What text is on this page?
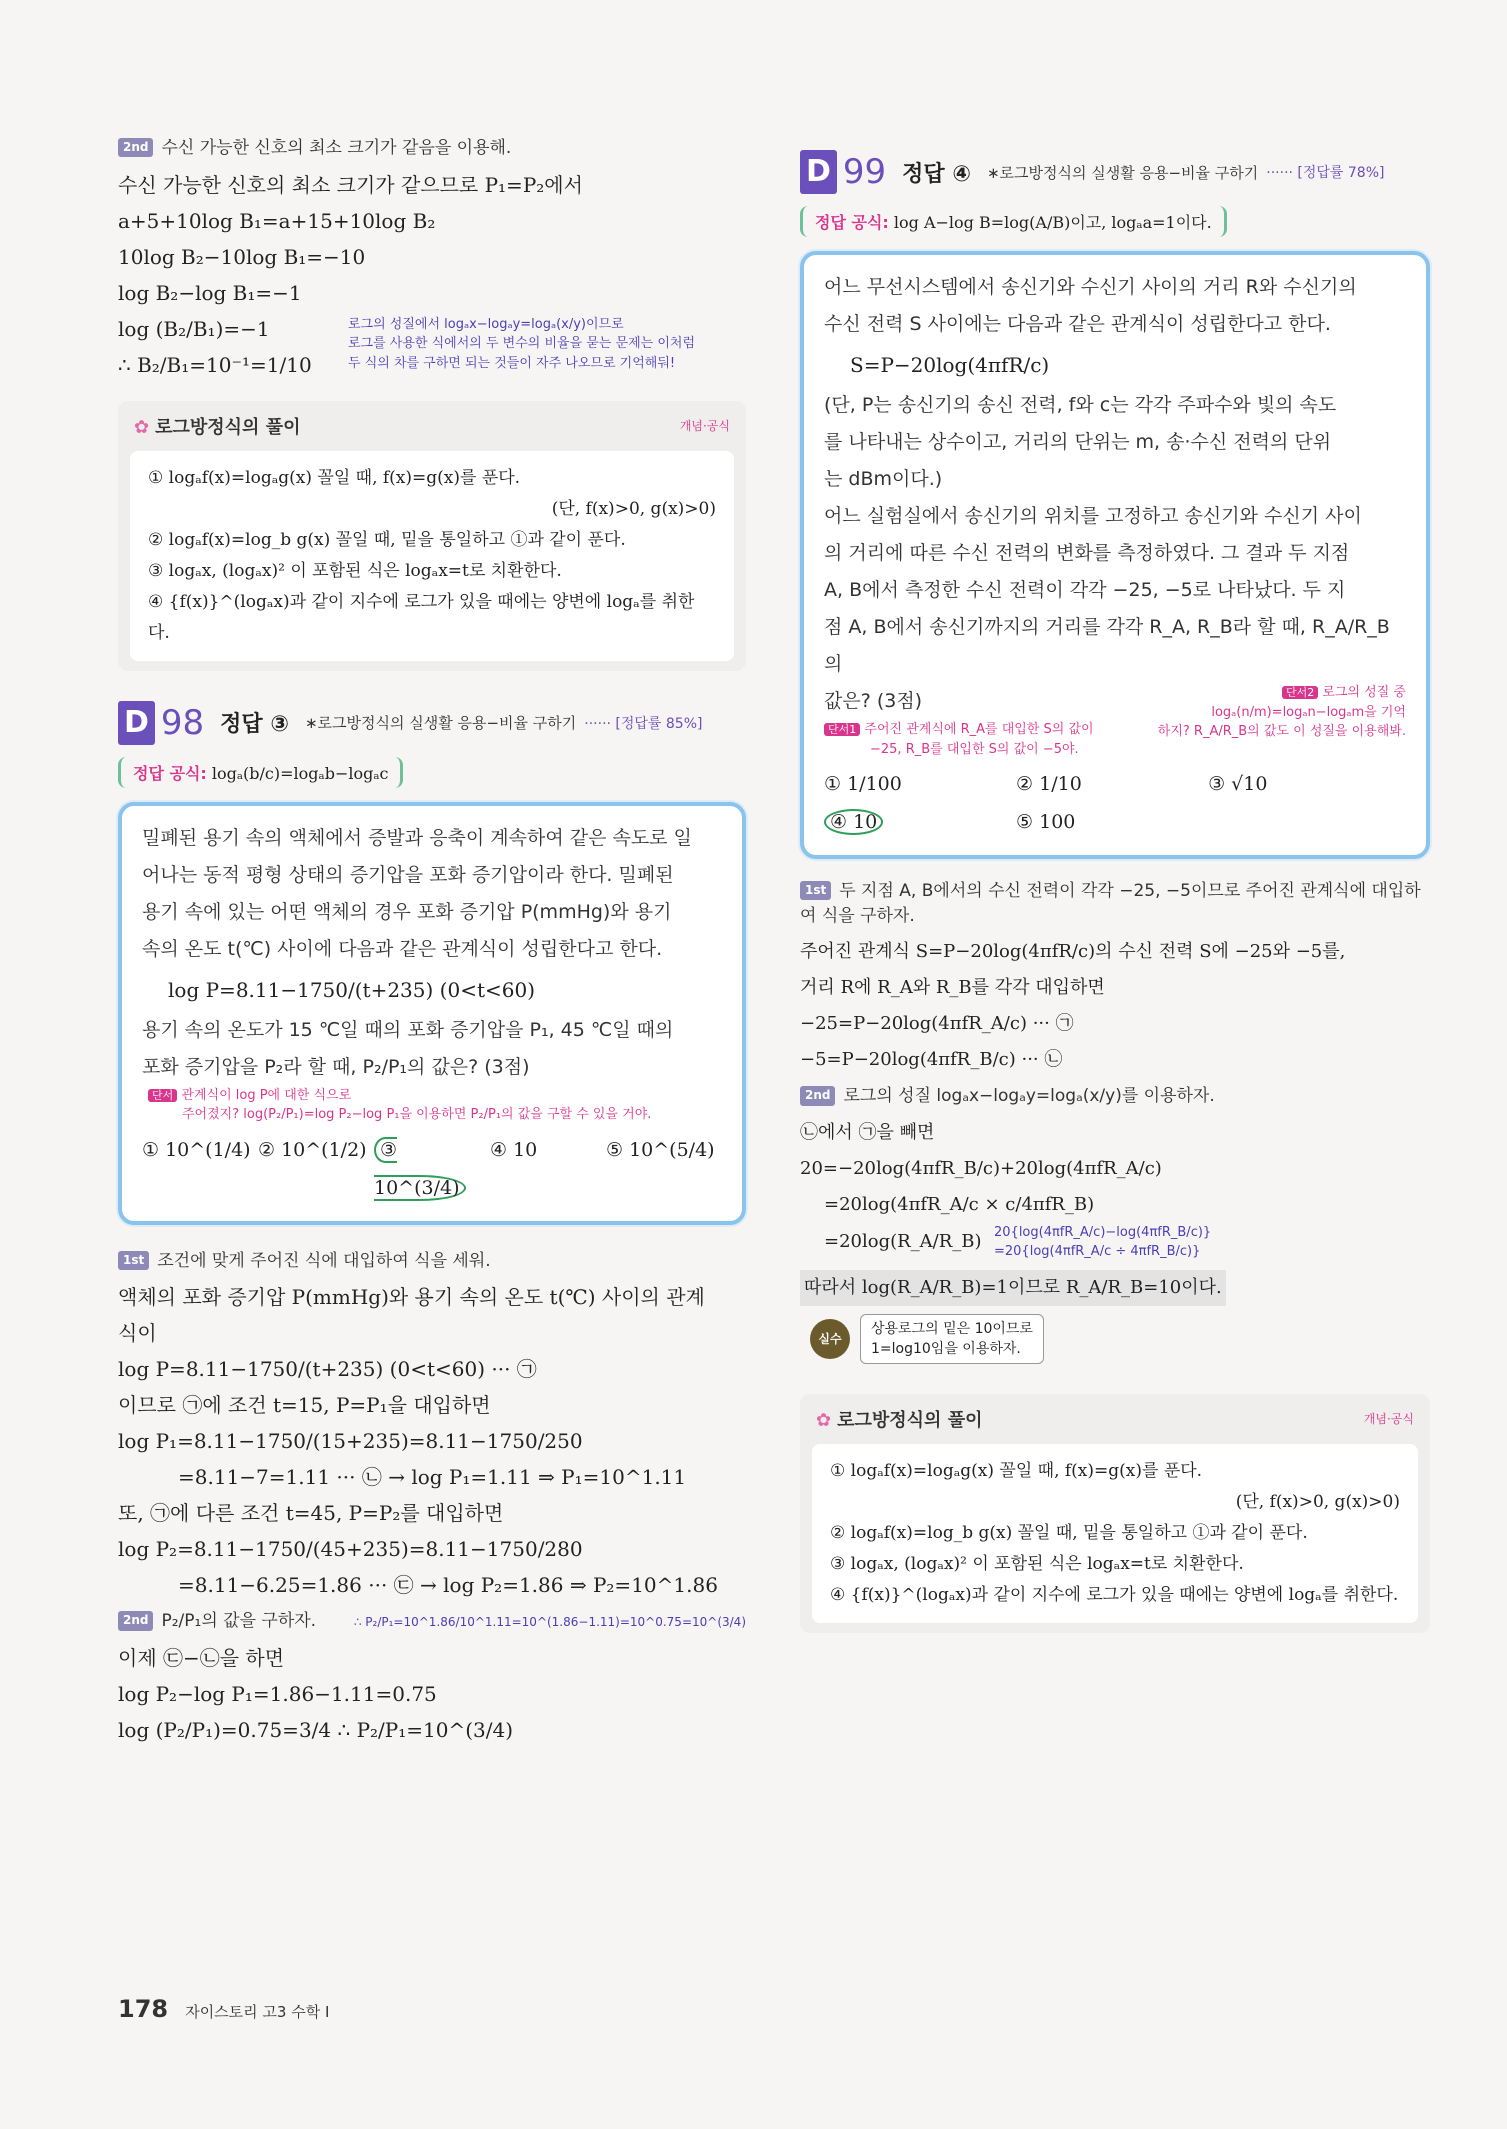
2nd 수신 가능한 신호의 최소 크기가 같음을 이용해.
수신 가능한 신호의 최소 크기가 같으므로 P₁=P₂에서
a+5+10log B₁=a+15+10log B₂
10log B₂−10log B₁=−10
log B₂−log B₁=−1
log (B₂/B₁)=−1
∴ B₂/B₁=10⁻¹=1/10
로그의 성질에서 logₐx−logₐy=logₐ(x/y)이므로
로그를 사용한 식에서의 두 변수의 비율을 묻는 문제는 이처럼
두 식의 차를 구하면 되는 것들이 자주 나오므로 기억해둬!
✿ 로그방정식의 풀이	개념·공식
① logₐf(x)=logₐg(x) 꼴일 때, f(x)=g(x)를 푼다.
(단, f(x)>0, g(x)>0)
② logₐf(x)=log_b g(x) 꼴일 때, 밑을 통일하고 ①과 같이 푼다.
③ logₐx, (logₐx)² 이 포함된 식은 logₐx=t로 치환한다.
④ {f(x)}^(logₐx)과 같이 지수에 로그가 있을 때에는 양변에 logₐ를 취한다.
D 98 정답 ③ ∗로그방정식의 실생활 응용−비율 구하기 ······ [정답률 85%]
정답 공식: logₐ(b/c)=logₐb−logₐc
밀폐된 용기 속의 액체에서 증발과 응축이 계속하여 같은 속도로 일
어나는 동적 평형 상태의 증기압을 포화 증기압이라 한다. 밀폐된
용기 속에 있는 어떤 액체의 경우 포화 증기압 P(mmHg)와 용기
속의 온도 t(℃) 사이에 다음과 같은 관계식이 성립한다고 한다.
log P=8.11−1750/(t+235) (0<t<60)
용기 속의 온도가 15 ℃일 때의 포화 증기압을 P₁, 45 ℃일 때의
포화 증기압을 P₂라 할 때, P₂/P₁의 값은? (3점)
단서 관계식이 log P에 대한 식으로
주어졌지? log(P₂/P₁)=log P₂−log P₁을 이용하면 P₂/P₁의 값을 구할 수 있을 거야.
① 10^(1/4) ② 10^(1/2) ③ 10^(3/4)
④ 10	⑤ 10^(5/4)
1st 조건에 맞게 주어진 식에 대입하여 식을 세워.
액체의 포화 증기압 P(mmHg)와 용기 속의 온도 t(℃) 사이의 관계
식이
log P=8.11−1750/(t+235) (0<t<60) ··· ㉠
이므로 ㉠에 조건 t=15, P=P₁을 대입하면
log P₁=8.11−1750/(15+235)=8.11−1750/250
=8.11−7=1.11 ··· ㉡ → log P₁=1.11 ⇒ P₁=10^1.11
또, ㉠에 다른 조건 t=45, P=P₂를 대입하면
log P₂=8.11−1750/(45+235)=8.11−1750/280
=8.11−6.25=1.86 ··· ㉢ → log P₂=1.86 ⇒ P₂=10^1.86
2nd P₂/P₁의 값을 구하자.	∴ P₂/P₁=10^1.86/10^1.11=10^(1.86−1.11)=10^0.75=10^(3/4)
이제 ㉢−㉡을 하면
log P₂−log P₁=1.86−1.11=0.75
log (P₂/P₁)=0.75=3/4 ∴ P₂/P₁=10^(3/4)
D 99 정답 ④ ∗로그방정식의 실생활 응용−비율 구하기 ······ [정답률 78%]
정답 공식: log A−log B=log(A/B)이고, logₐa=1이다.
어느 무선시스템에서 송신기와 수신기 사이의 거리 R와 수신기의
수신 전력 S 사이에는 다음과 같은 관계식이 성립한다고 한다.
S=P−20log(4πfR/c)
(단, P는 송신기의 송신 전력, f와 c는 각각 주파수와 빛의 속도
를 나타내는 상수이고, 거리의 단위는 m, 송·수신 전력의 단위
는 dBm이다.)
어느 실험실에서 송신기의 위치를 고정하고 송신기와 수신기 사이
의 거리에 따른 수신 전력의 변화를 측정하였다. 그 결과 두 지점
A, B에서 측정한 수신 전력이 각각 −25, −5로 나타났다. 두 지
점 A, B에서 송신기까지의 거리를 각각 R_A, R_B라 할 때, R_A/R_B의
값은? (3점)
단서1 주어진 관계식에 R_A를 대입한 S의 값이
−25, R_B를 대입한 S의 값이 −5야.
단서2 로그의 성질 중
logₐ(n/m)=logₐn−logₐm을 기억
하지? R_A/R_B의 값도 이 성질을 이용해봐.
① 1/100	② 1/10	③ √10
④ 10	⑤ 100
1st 두 지점 A, B에서의 수신 전력이 각각 −25, −5이므로 주어진 관계식에 대입하여 식을 구하자.
주어진 관계식 S=P−20log(4πfR/c)의 수신 전력 S에 −25와 −5를,
거리 R에 R_A와 R_B를 각각 대입하면
−25=P−20log(4πfR_A/c) ··· ㉠
−5=P−20log(4πfR_B/c) ··· ㉡
2nd 로그의 성질 logₐx−logₐy=logₐ(x/y)를 이용하자.
㉡에서 ㉠을 빼면
20=−20log(4πfR_B/c)+20log(4πfR_A/c)
=20log(4πfR_A/c × c/4πfR_B)
=20log(R_A/R_B) 20{log(4πfR_A/c)−log(4πfR_B/c)}
=20{log(4πfR_A/c ÷ 4πfR_B/c)}
따라서 log(R_A/R_B)=1이므로 R_A/R_B=10이다.
실수
상용로그의 밑은 10이므로
1=log10임을 이용하자.
✿ 로그방정식의 풀이	개념·공식
① logₐf(x)=logₐg(x) 꼴일 때, f(x)=g(x)를 푼다.
(단, f(x)>0, g(x)>0)
② logₐf(x)=log_b g(x) 꼴일 때, 밑을 통일하고 ①과 같이 푼다.
③ logₐx, (logₐx)² 이 포함된 식은 logₐx=t로 치환한다.
④ {f(x)}^(logₐx)과 같이 지수에 로그가 있을 때에는 양변에 logₐ를 취한다.
178 자이스토리 고3 수학 I
